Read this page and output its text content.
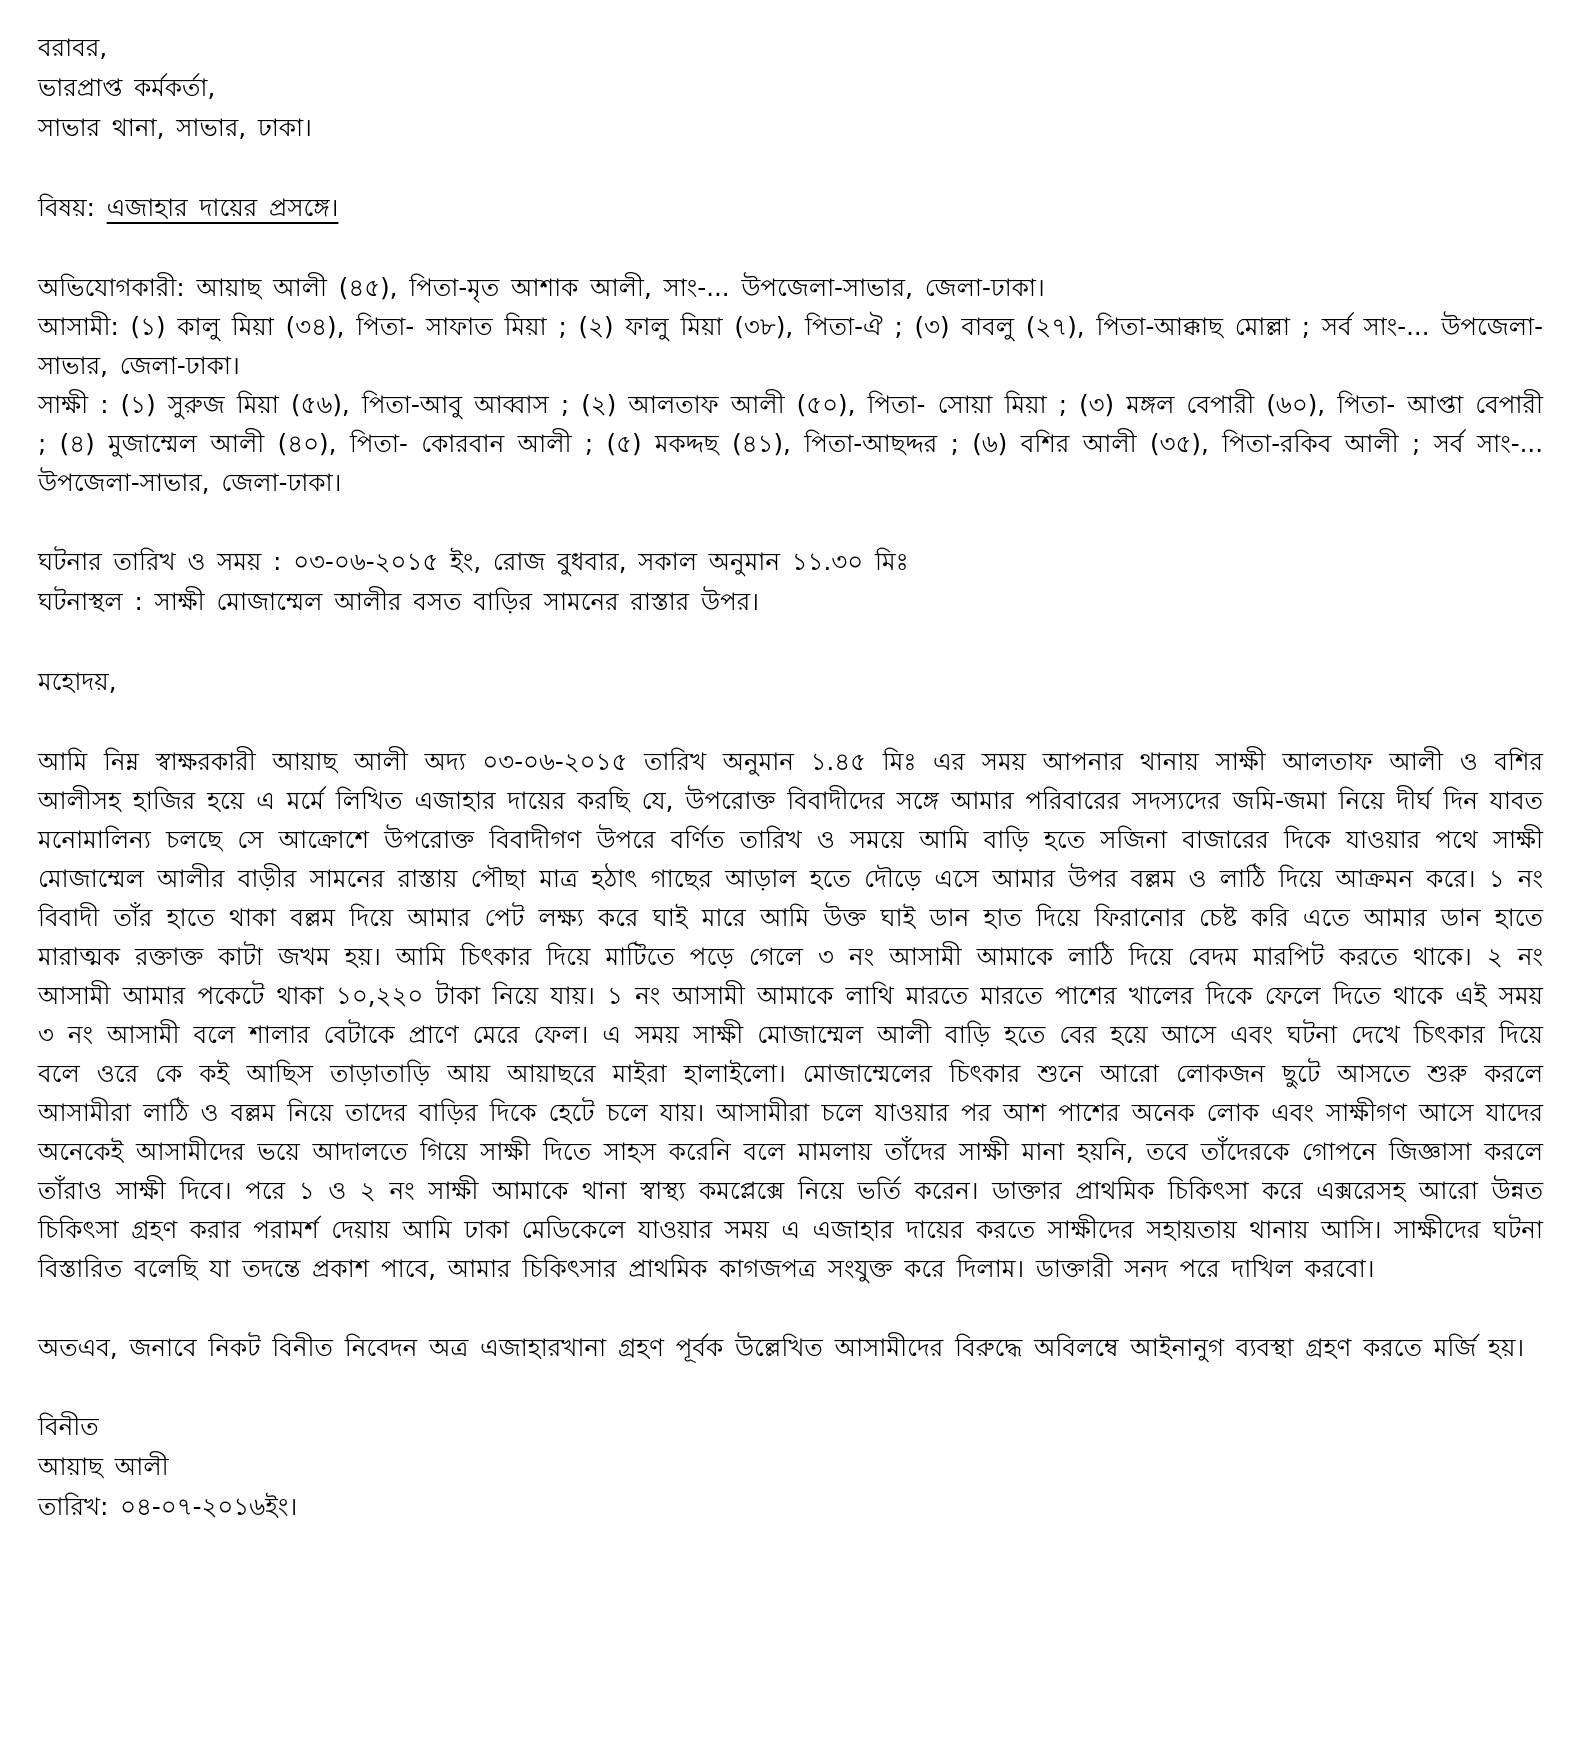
বরাবর,
ভারপ্রাপ্ত কর্মকর্তা,
সাভার থানা, সাভার, ঢাকা।
বিষয়: এজাহার দায়ের প্রসঙ্গে।

অভিযোগকারী: আয়াছ আলী (৪৫), পিতা-মৃত আশাক আলী, সাং-... উপজেলা-সাভার, জেলা-ঢাকা।

আসামী: (১) কালু মিয়া (৩৪), পিতা- সাফাত মিয়া ; (২) ফালু মিয়া (৩৮), পিতা-ঐ ; (৩) বাবলু (২৭), পিতা-আক্কাছ মোল্লা ; সর্ব সাং-... উপজেলা-সাভার, জেলা-ঢাকা।

সাক্ষী : (১) সুরুজ মিয়া (৫৬), পিতা-আবু আব্বাস ; (২) আলতাফ আলী (৫০), পিতা- সোয়া মিয়া ; (৩) মঙ্গল বেপারী (৬০), পিতা- আপ্তা বেপারী ; (৪) মুজাম্মেল আলী (৪০), পিতা- কোরবান আলী ; (৫) মকদ্দছ (৪১), পিতা-আছদ্দর ; (৬) বশির আলী (৩৫), পিতা-রকিব আলী ; সর্ব সাং-... উপজেলা-সাভার, জেলা-ঢাকা।

ঘটনার তারিখ ও সময় : ০৩-০৬-২০১৫ ইং, রোজ বুধবার, সকাল অনুমান ১১.৩০ মিঃ
ঘটনাস্থল : সাক্ষী মোজাম্মেল আলীর বসত বাড়ির সামনের রাস্তার উপর।
মহোদয়,

আমি নিম্ন স্বাক্ষরকারী আয়াছ আলী অদ্য ০৩-০৬-২০১৫ তারিখ অনুমান ১.৪৫ মিঃ এর সময় আপনার থানায় সাক্ষী আলতাফ আলী ও বশির আলীসহ হাজির হয়ে এ মর্মে লিখিত এজাহার দায়ের করছি যে, উপরোক্ত বিবাদীদের সঙ্গে আমার পরিবারের সদস্যদের জমি-জমা নিয়ে দীর্ঘ দিন যাবত মনোমালিন্য চলছে সে আক্রোশে উপরোক্ত বিবাদীগণ উপরে বর্ণিত তারিখ ও সময়ে আমি বাড়ি হতে সজিনা বাজারের দিকে যাওয়ার পথে সাক্ষী মোজাম্মেল আলীর বাড়ীর সামনের রাস্তায় পৌছা মাত্র হঠাৎ গাছের আড়াল হতে দৌড়ে এসে আমার উপর বল্লম ও লাঠি দিয়ে আক্রমন করে। ১ নং বিবাদী তাঁর হাতে থাকা বল্লম দিয়ে আমার পেট লক্ষ্য করে ঘাই মারে আমি উক্ত ঘাই ডান হাত দিয়ে ফিরানোর চেষ্ট করি এতে আমার ডান হাতে মারাত্মক রক্তাক্ত কাটা জখম হয়। আমি চিৎকার দিয়ে মাটিতে পড়ে গেলে ৩ নং আসামী আমাকে লাঠি দিয়ে বেদম মারপিট করতে থাকে। ২ নং আসামী আমার পকেটে থাকা ১০,২২০ টাকা নিয়ে যায়। ১ নং আসামী আমাকে লাথি মারতে মারতে পাশের খালের দিকে ফেলে দিতে থাকে এই সময় ৩ নং আসামী বলে শালার বেটাকে প্রাণে মেরে ফেল। এ সময় সাক্ষী মোজাম্মেল আলী বাড়ি হতে বের হয়ে আসে এবং ঘটনা দেখে চিৎকার দিয়ে বলে ওরে কে কই আছিস তাড়াতাড়ি আয় আয়াছরে মাইরা হালাইলো। মোজাম্মেলের চিৎকার শুনে আরো লোকজন ছুটে আসতে শুরু করলে আসামীরা লাঠি ও বল্লম নিয়ে তাদের বাড়ির দিকে হেটে চলে যায়। আসামীরা চলে যাওয়ার পর আশ পাশের অনেক লোক এবং সাক্ষীগণ আসে যাদের অনেকেই আসামীদের ভয়ে আদালতে গিয়ে সাক্ষী দিতে সাহস করেনি বলে মামলায় তাঁদের সাক্ষী মানা হয়নি, তবে তাঁদেরকে গোপনে জিজ্ঞাসা করলে তাঁরাও সাক্ষী দিবে। পরে ১ ও ২ নং সাক্ষী আমাকে থানা স্বাস্থ্য কমপ্লেক্সে নিয়ে ভর্তি করেন। ডাক্তার প্রাথমিক চিকিৎসা করে এক্সরেসহ আরো উন্নত চিকিৎসা গ্রহণ করার পরামর্শ দেয়ায় আমি ঢাকা মেডিকেলে যাওয়ার সময় এ এজাহার দায়ের করতে সাক্ষীদের সহায়তায় থানায় আসি। সাক্ষীদের ঘটনা বিস্তারিত বলেছি যা তদন্তে প্রকাশ পাবে, আমার চিকিৎসার প্রাথমিক কাগজপত্র সংযুক্ত করে দিলাম। ডাক্তারী সনদ পরে দাখিল করবো।

অতএব, জনাবে নিকট বিনীত নিবেদন অত্র এজাহারখানা গ্রহণ পূর্বক উল্লেখিত আসামীদের বিরুদ্ধে অবিলম্বে আইনানুগ ব্যবস্থা গ্রহণ করতে মর্জি হয়।

বিনীত
আয়াছ আলী
তারিখ: ০৪-০৭-২০১৬ইং।
